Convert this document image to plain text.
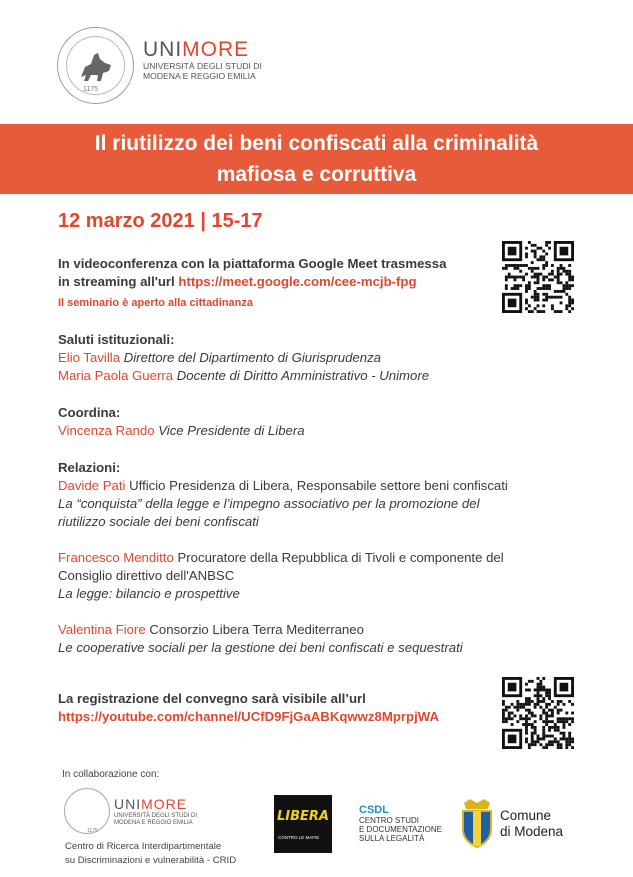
1175
UNIMORE
UNIVERSITÀ DEGLI STUDI DI
MODENA E REGGIO EMILIA
Il riutilizzo dei beni confiscati alla criminalità
mafiosa e corruttiva
12 marzo 2021 | 15-17
In videoconferenza con la piattaforma Google Meet trasmessa
in streaming all'url https://meet.google.com/cee-mcjb-fpg
Il seminario è aperto alla cittadinanza
Saluti istituzionali:
Elio Tavilla Direttore del Dipartimento di Giurisprudenza
Maria Paola Guerra Docente di Diritto Amministrativo - Unimore
Coordina:
Vincenza Rando Vice Presidente di Libera
Relazioni:
Davide Pati Ufficio Presidenza di Libera, Responsabile settore beni confiscati
La “conquista” della legge e l’impegno associativo per la promozione del
riutilizzo sociale dei beni confiscati
Francesco Menditto Procuratore della Repubblica di Tivoli e componente del
Consiglio direttivo dell'ANBSC
La legge: bilancio e prospettive
Valentina Fiore Consorzio Libera Terra Mediterraneo
Le cooperative sociali per la gestione dei beni confiscati e sequestrati
La registrazione del convegno sarà visibile all’url
https://youtube.com/channel/UCfD9FjGaABKqwwz8MprpjWA
In collaborazione con:
1175
UNIMORE
UNIVERSITÀ DEGLI STUDI DI
MODENA E REGGIO EMILIA
Centro di Ricerca Interdipartimentale
su Discriminazioni e vulnerabilità - CRID
LIBERA
CONTRO LE MAFIE
CSDL
CENTRO STUDI
E DOCUMENTAZIONE
SULLA LEGALITÀ
Comune
di Modena
